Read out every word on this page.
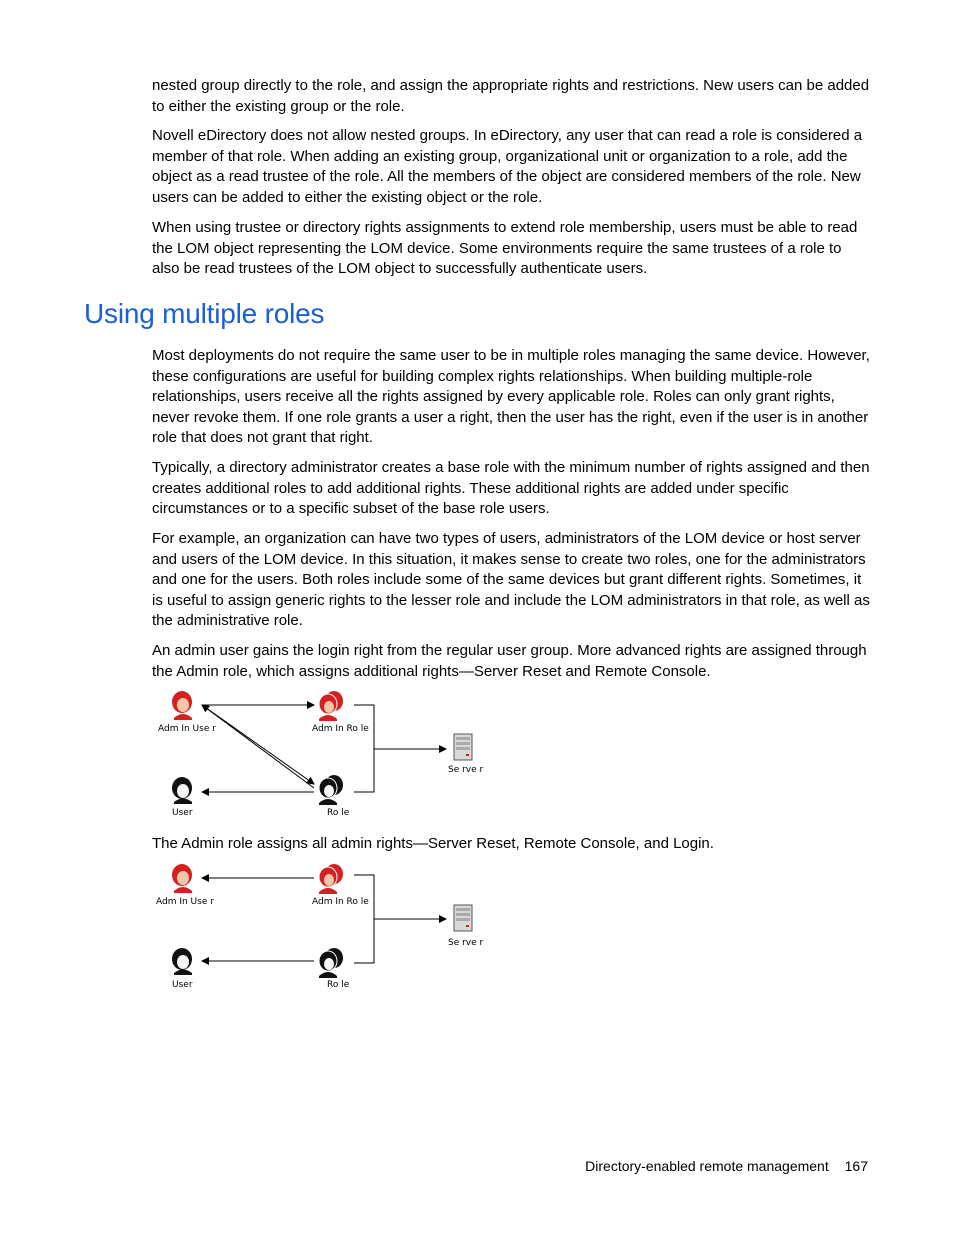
nested group directly to the role, and assign the appropriate rights and restrictions. New users can be added to either the existing group or the role.

Novell eDirectory does not allow nested groups. In eDirectory, any user that can read a role is considered a member of that role. When adding an existing group, organizational unit or organization to a role, add the object as a read trustee of the role. All the members of the object are considered members of the role. New users can be added to either the existing object or the role.

When using trustee or directory rights assignments to extend role membership, users must be able to read the LOM object representing the LOM device. Some environments require the same trustees of a role to also be read trustees of the LOM object to successfully authenticate users.

Using multiple roles

Most deployments do not require the same user to be in multiple roles managing the same device. However, these configurations are useful for building complex rights relationships. When building multiple-role relationships, users receive all the rights assigned by every applicable role. Roles can only grant rights, never revoke them. If one role grants a user a right, then the user has the right, even if the user is in another role that does not grant that right.

Typically, a directory administrator creates a base role with the minimum number of rights assigned and then creates additional roles to add additional rights. These additional rights are added under specific circumstances or to a specific subset of the base role users.

For example, an organization can have two types of users, administrators of the LOM device or host server and users of the LOM device. In this situation, it makes sense to create two roles, one for the administrators and one for the users. Both roles include some of the same devices but grant different rights. Sometimes, it is useful to assign generic rights to the lesser role and include the LOM administrators in that role, as well as the administrative role.

An admin user gains the login right from the regular user group. More advanced rights are assigned through the Admin role, which assigns additional rights—Server Reset and Remote Console.

Adm In Use r	Adm In Ro le
User	Ro le
Se rve r

The Admin role assigns all admin rights—Server Reset, Remote Console, and Login.

Adm In Use r	Adm In Ro le
User	Ro le
Se rve r
Directory-enabled remote management 167
